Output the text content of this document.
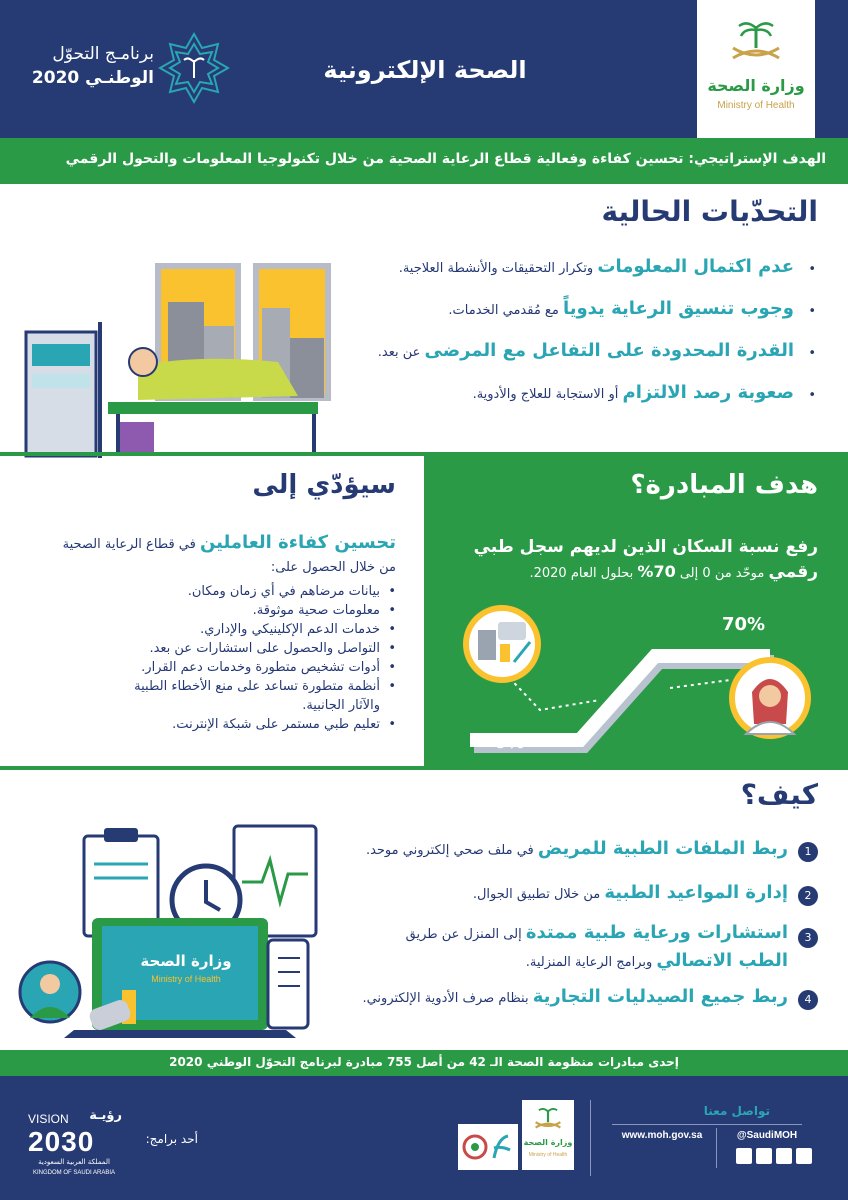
وزارة الصحة
Ministry of Health
الصحة الإلكترونية
برنامـج التحوّل
الوطنـي 2020
الهدف الإستراتيجي: تحسين كفاءة وفعالية قطاع الرعاية الصحية من خلال تكنولوجيا المعلومات والتحول الرقمي
التحدّيات الحالية
•
عدم اكتمال المعلومات وتكرار التحقيقات والأنشطة العلاجية.
•
وجوب تنسيق الرعاية يدوياً مع مُقدمي الخدمات.
•
القدرة المحدودة على التفاعل مع المرضى عن بعد.
•
صعوبة رصد الالتزام أو الاستجابة للعلاج والأدوية.
هدف المبادرة؟
رفع نسبة السكان الذين لديهم سجل طبي
رقمي موحّد من 0 إلى 70% بحلول العام 2020.
70%
0%
سيؤدّي إلى
تحسين كفاءة العاملين في قطاع الرعاية الصحية
من خلال الحصول على:
•
بيانات مرضاهم في أي زمان ومكان.
•
معلومات صحية موثوقة.
•
خدمات الدعم الإكلينيكي والإداري.
•
التواصل والحصول على استشارات عن بعد.
•
أدوات تشخيص متطورة وخدمات دعم القرار.
•
أنظمة متطورة تساعد على منع الأخطاء الطبية والآثار الجانبية.
•
تعليم طبي مستمر على شبكة الإنترنت.
كيف؟
1
ربط الملفات الطبية للمريض في ملف صحي إلكتروني موحد.
2
إدارة المواعيد الطبية من خلال تطبيق الجوال.
3
استشارات ورعاية طبية ممتدة إلى المنزل عن طريق
الطب الاتصالي وبرامج الرعاية المنزلية.
4
ربط جميع الصيدليات التجارية بنظام صرف الأدوية الإلكتروني.
وزارة الصحة
Ministry of Health
إحدى مبادرات منظومة الصحة الـ 42 من أصل 755 مبادرة لبرنامج التحوّل الوطني 2020
تواصل معنا
www.moh.gov.sa	@SaudiMOH
وزارة الصحة
Ministry of Health
أحد برامج:
VISION	رؤيـة
2030
المملكة العربية السعودية
KINGDOM OF SAUDI ARABIA
